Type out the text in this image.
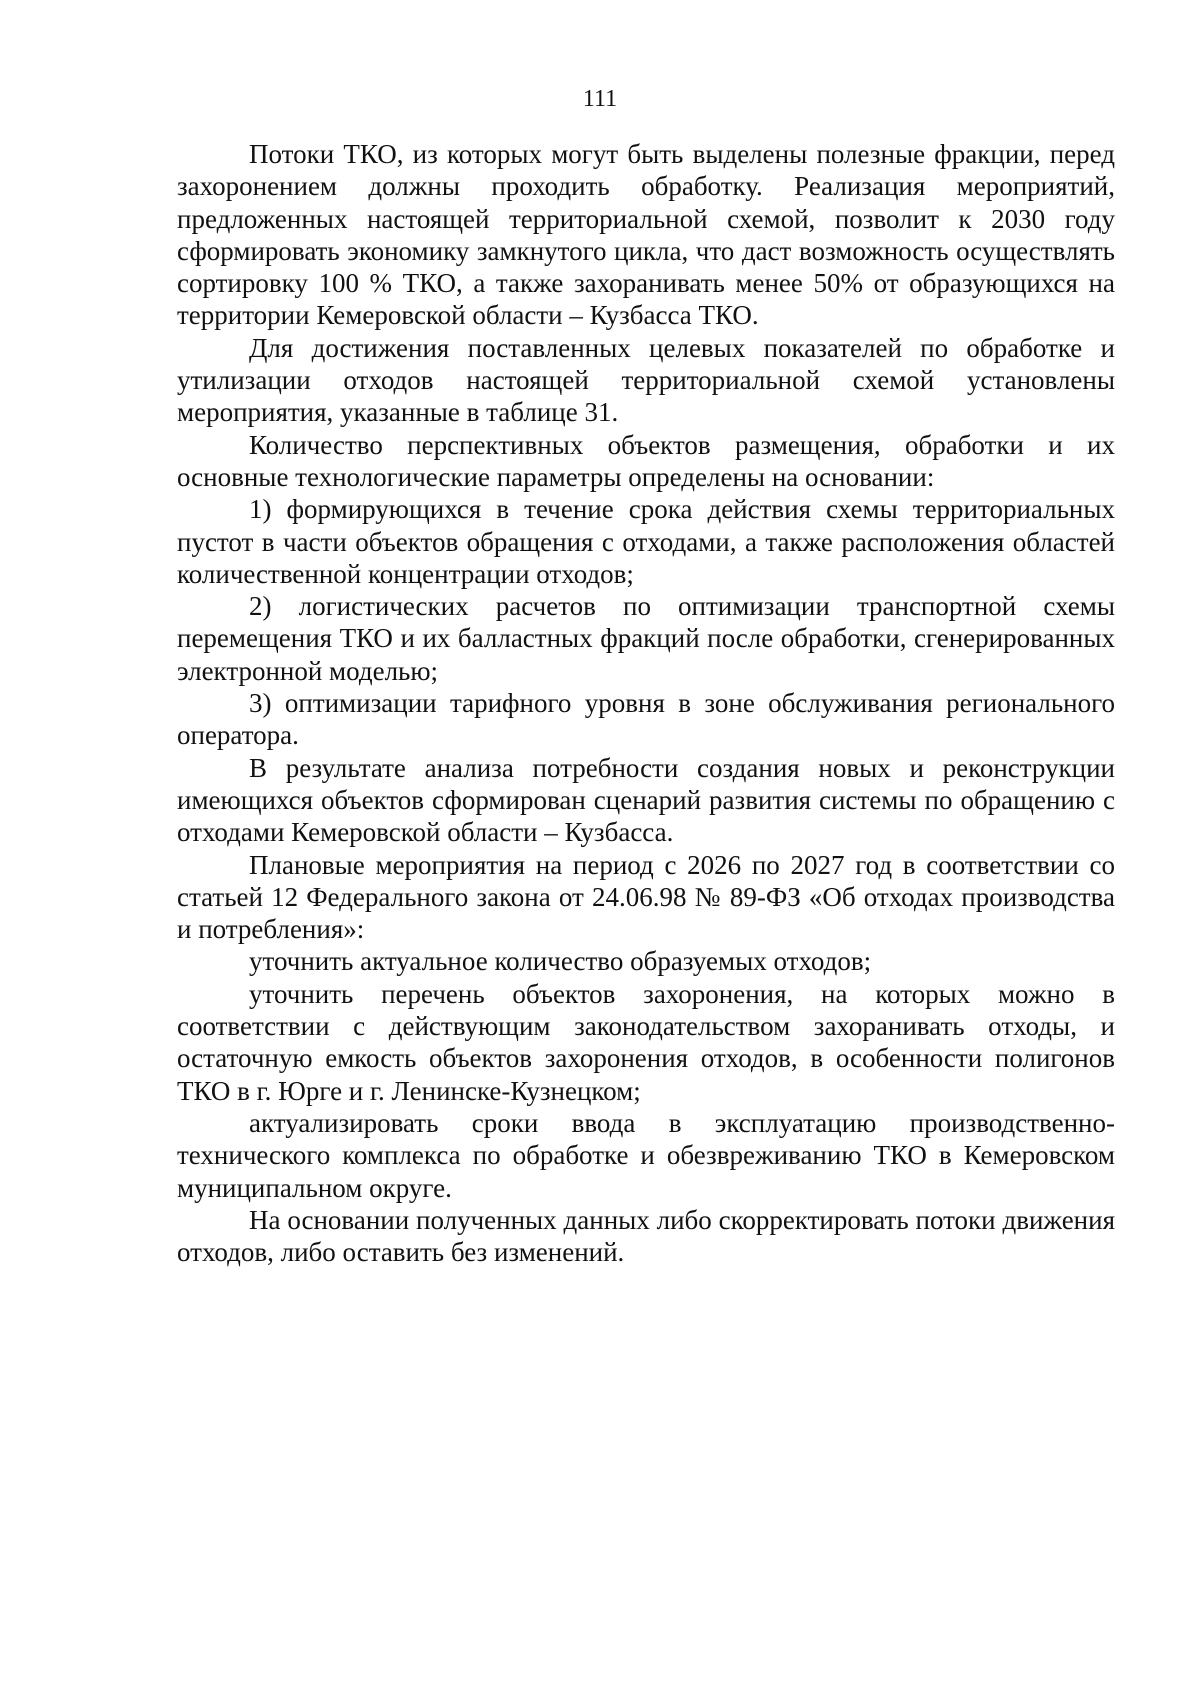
111

Потоки ТКО, из которых могут быть выделены полезные фракции, перед захоронением должны проходить обработку. Реализация мероприятий, предложенных настоящей территориальной схемой, позволит к 2030 году сформировать экономику замкнутого цикла, что даст возможность осуществлять сортировку 100 % ТКО, а также захоранивать менее 50% от образующихся на территории Кемеровской области – Кузбасса ТКО.

Для достижения поставленных целевых показателей по обработке и утилизации отходов настоящей территориальной схемой установлены мероприятия, указанные в таблице 31.

Количество перспективных объектов размещения, обработки и их основные технологические параметры определены на основании:

1) формирующихся в течение срока действия схемы территориальных пустот в части объектов обращения с отходами, а также расположения областей количественной концентрации отходов;

2) логистических расчетов по оптимизации транспортной схемы перемещения ТКО и их балластных фракций после обработки, сгенерированных электронной моделью;

3) оптимизации тарифного уровня в зоне обслуживания регионального оператора.

В результате анализа потребности создания новых и реконструкции имеющихся объектов сформирован сценарий развития системы по обращению с отходами Кемеровской области – Кузбасса.

Плановые мероприятия на период с 2026 по 2027 год в соответствии со статьей 12 Федерального закона от 24.06.98 № 89-ФЗ «Об отходах производства и потребления»:

уточнить актуальное количество образуемых отходов;

уточнить перечень объектов захоронения, на которых можно в соответствии с действующим законодательством захоранивать отходы, и остаточную емкость объектов захоронения отходов, в особенности полигонов ТКО в г. Юрге и г. Ленинске-Кузнецком;

актуализировать сроки ввода в эксплуатацию производственно-технического комплекса по обработке и обезвреживанию ТКО в Кемеровском муниципальном округе.

На основании полученных данных либо скорректировать потоки движения отходов, либо оставить без изменений.
